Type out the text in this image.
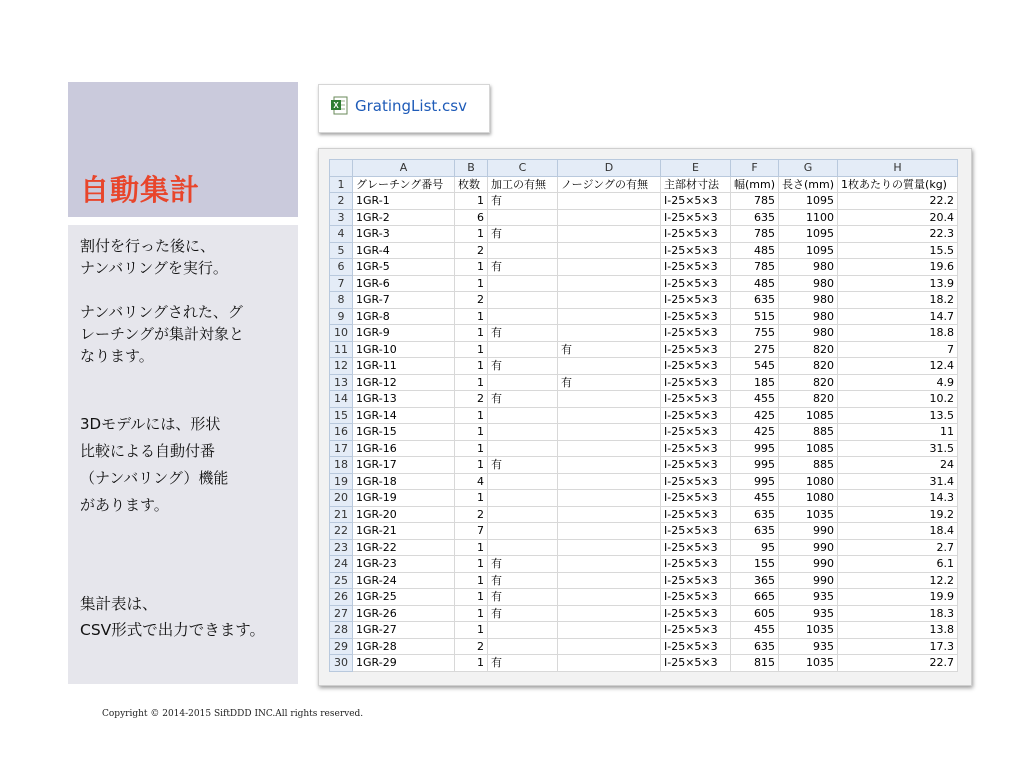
自動集計

割付を行った後に、
ナンバリングを実行。

ナンバリングされた、グ
レーチングが集計対象と
なります。

3Dモデルには、形状
比較による自動付番
（ナンバリング）機能
があります。

集計表は、
CSV形式で出力できます。

X GratingList.csv
	A	B	C	D	E	F	G	H
1	グレーチング番号	枚数	加工の有無	ノージングの有無	主部材寸法	幅(mm)	長さ(mm)	1枚あたりの質量(kg)
2	1GR-1	1	有		I-25×5×3	785	1095	22.2
3	1GR-2	6			I-25×5×3	635	1100	20.4
4	1GR-3	1	有		I-25×5×3	785	1095	22.3
5	1GR-4	2			I-25×5×3	485	1095	15.5
6	1GR-5	1	有		I-25×5×3	785	980	19.6
7	1GR-6	1			I-25×5×3	485	980	13.9
8	1GR-7	2			I-25×5×3	635	980	18.2
9	1GR-8	1			I-25×5×3	515	980	14.7
10	1GR-9	1	有		I-25×5×3	755	980	18.8
11	1GR-10	1		有	I-25×5×3	275	820	7
12	1GR-11	1	有		I-25×5×3	545	820	12.4
13	1GR-12	1		有	I-25×5×3	185	820	4.9
14	1GR-13	2	有		I-25×5×3	455	820	10.2
15	1GR-14	1			I-25×5×3	425	1085	13.5
16	1GR-15	1			I-25×5×3	425	885	11
17	1GR-16	1			I-25×5×3	995	1085	31.5
18	1GR-17	1	有		I-25×5×3	995	885	24
19	1GR-18	4			I-25×5×3	995	1080	31.4
20	1GR-19	1			I-25×5×3	455	1080	14.3
21	1GR-20	2			I-25×5×3	635	1035	19.2
22	1GR-21	7			I-25×5×3	635	990	18.4
23	1GR-22	1			I-25×5×3	95	990	2.7
24	1GR-23	1	有		I-25×5×3	155	990	6.1
25	1GR-24	1	有		I-25×5×3	365	990	12.2
26	1GR-25	1	有		I-25×5×3	665	935	19.9
27	1GR-26	1	有		I-25×5×3	605	935	18.3
28	1GR-27	1			I-25×5×3	455	1035	13.8
29	1GR-28	2			I-25×5×3	635	935	17.3
30	1GR-29	1	有		I-25×5×3	815	1035	22.7
Copyright © 2014-2015 SiftDDD INC.All rights reserved.
